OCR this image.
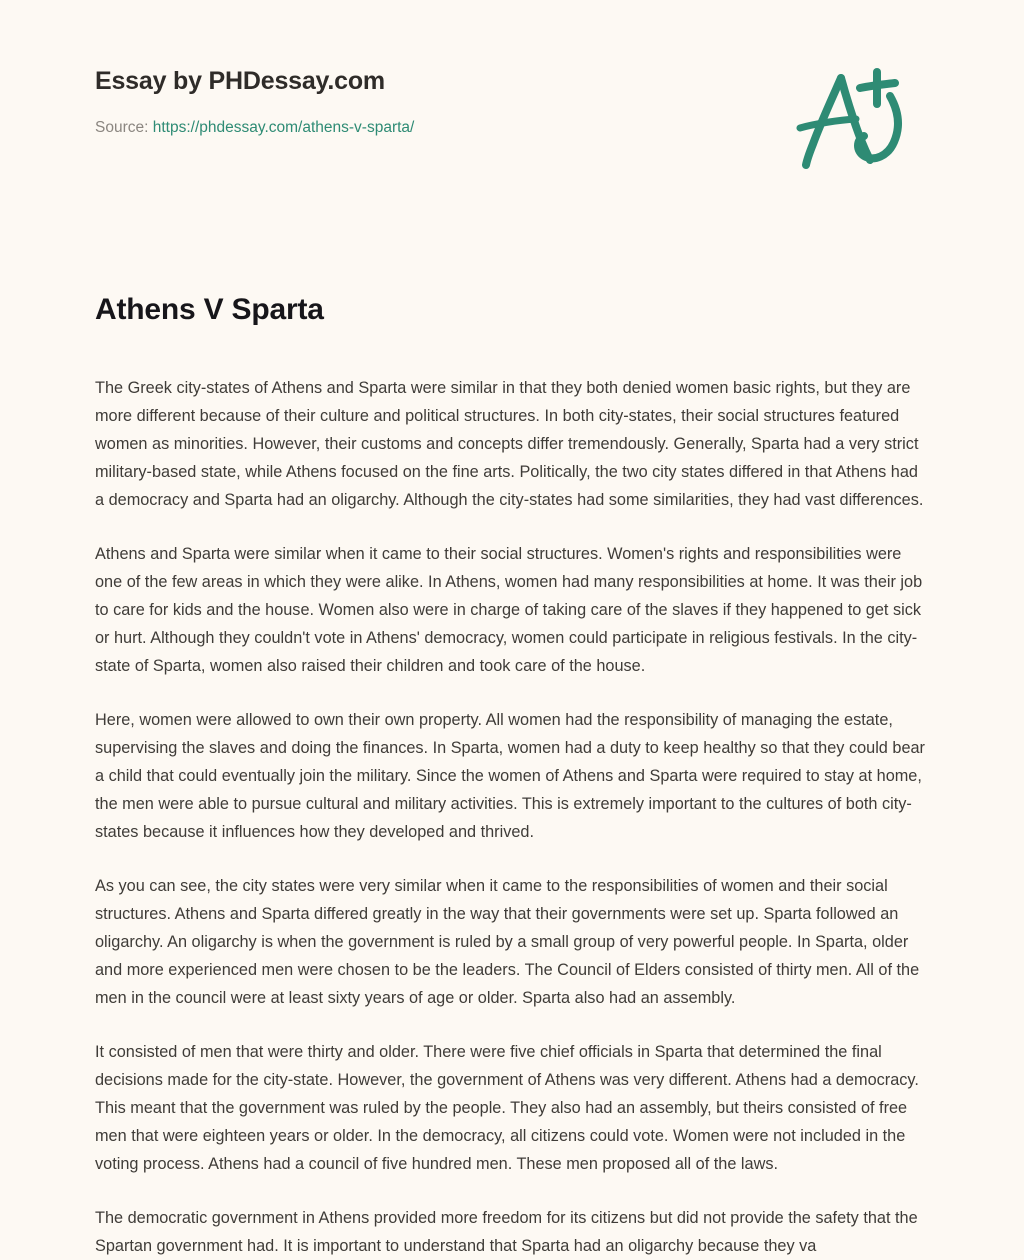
Essay by PHDessay.com
Source: https://phdessay.com/athens-v-sparta/
Athens V Sparta

The Greek city-states of Athens and Sparta were similar in that they both denied women basic rights, but they are more different because of their culture and political structures. In both city-states, their social structures featured women as minorities. However, their customs and concepts differ tremendously. Generally, Sparta had a very strict military-based state, while Athens focused on the fine arts. Politically, the two city states differed in that Athens had a democracy and Sparta had an oligarchy. Although the city-states had some similarities, they had vast differences.

Athens and Sparta were similar when it came to their social structures. Women's rights and responsibilities were one of the few areas in which they were alike. In Athens, women had many responsibilities at home. It was their job to care for kids and the house. Women also were in charge of taking care of the slaves if they happened to get sick or hurt. Although they couldn't vote in Athens' democracy, women could participate in religious festivals. In the city-state of Sparta, women also raised their children and took care of the house.

Here, women were allowed to own their own property. All women had the responsibility of managing the estate, supervising the slaves and doing the finances. In Sparta, women had a duty to keep healthy so that they could bear a child that could eventually join the military. Since the women of Athens and Sparta were required to stay at home, the men were able to pursue cultural and military activities. This is extremely important to the cultures of both city-states because it influences how they developed and thrived.

As you can see, the city states were very similar when it came to the responsibilities of women and their social structures. Athens and Sparta differed greatly in the way that their governments were set up. Sparta followed an oligarchy. An oligarchy is when the government is ruled by a small group of very powerful people. In Sparta, older and more experienced men were chosen to be the leaders. The Council of Elders consisted of thirty men. All of the men in the council were at least sixty years of age or older. Sparta also had an assembly.

It consisted of men that were thirty and older. There were five chief officials in Sparta that determined the final decisions made for the city-state. However, the government of Athens was very different. Athens had a democracy. This meant that the government was ruled by the people. They also had an assembly, but theirs consisted of free men that were eighteen years or older. In the democracy, all citizens could vote. Women were not included in the voting process. Athens had a council of five hundred men. These men proposed all of the laws.

The democratic government in Athens provided more freedom for its citizens but did not provide the safety that the Spartan government had. It is important to understand that Sparta had an oligarchy because they va
